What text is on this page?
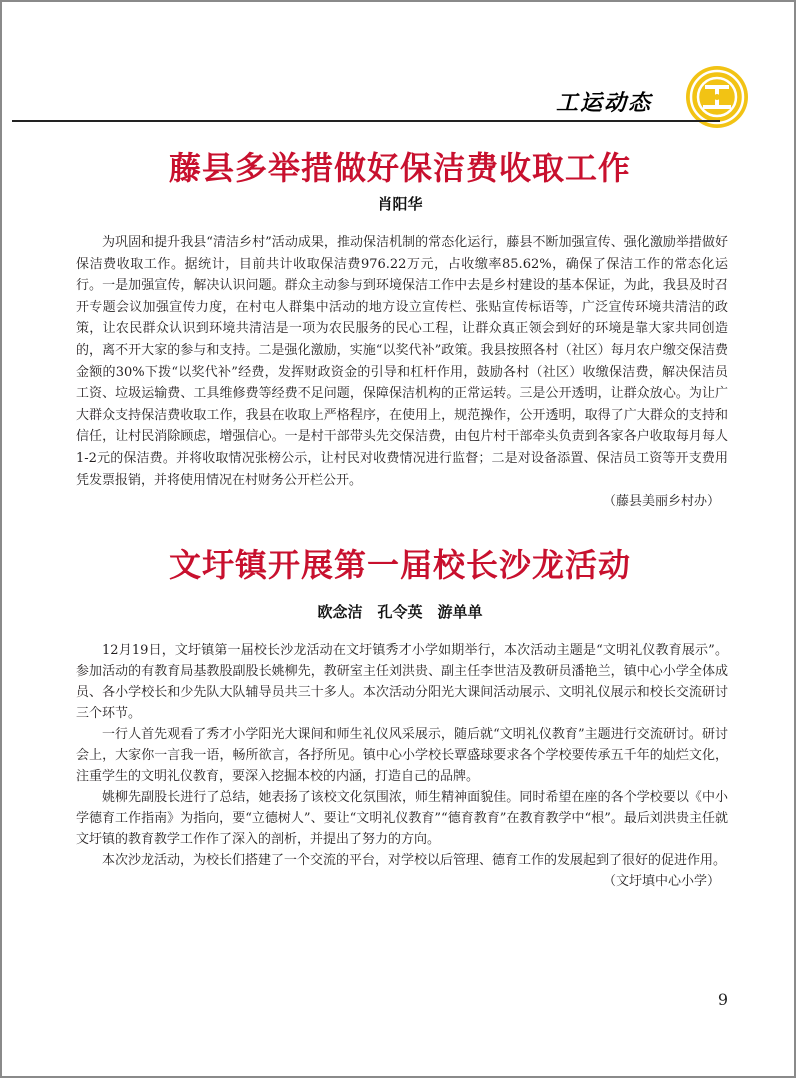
工运动态
藤县多举措做好保洁费收取工作
肖阳华

为巩固和提升我县“清洁乡村”活动成果，推动保洁机制的常态化运行，藤县不断加强宣传、强化激励举措做好保洁费收取工作。据统计，目前共计收取保洁费976.22万元，占收缴率85.62%，确保了保洁工作的常态化运行。一是加强宣传，解决认识问题。群众主动参与到环境保洁工作中去是乡村建设的基本保证，为此，我县及时召开专题会议加强宣传力度，在村屯人群集中活动的地方设立宣传栏、张贴宣传标语等，广泛宣传环境共清洁的政策，让农民群众认识到环境共清洁是一项为农民服务的民心工程，让群众真正领会到好的环境是靠大家共同创造的，离不开大家的参与和支持。二是强化激励，实施“以奖代补”政策。我县按照各村（社区）每月农户缴交保洁费金额的30%下拨“以奖代补”经费，发挥财政资金的引导和杠杆作用，鼓励各村（社区）收缴保洁费，解决保洁员工资、垃圾运输费、工具维修费等经费不足问题，保障保洁机构的正常运转。三是公开透明，让群众放心。为让广大群众支持保洁费收取工作，我县在收取上严格程序，在使用上，规范操作，公开透明，取得了广大群众的支持和信任，让村民消除顾虑，增强信心。一是村干部带头先交保洁费，由包片村干部牵头负责到各家各户收取每月每人1-2元的保洁费。并将收取情况张榜公示，让村民对收费情况进行监督；二是对设备添置、保洁员工资等开支费用凭发票报销，并将使用情况在村财务公开栏公开。

（藤县美丽乡村办）

文圩镇开展第一届校长沙龙活动
欧念洁　孔令英　游单单

12月19日，文圩镇第一届校长沙龙活动在文圩镇秀才小学如期举行，本次活动主题是“文明礼仪教育展示”。参加活动的有教育局基教股副股长姚柳先，教研室主任刘洪贵、副主任李世洁及教研员潘艳兰，镇中心小学全体成员、各小学校长和少先队大队辅导员共三十多人。本次活动分阳光大课间活动展示、文明礼仪展示和校长交流研讨三个环节。

一行人首先观看了秀才小学阳光大课间和师生礼仪风采展示，随后就“文明礼仪教育”主题进行交流研讨。研讨会上，大家你一言我一语，畅所欲言，各抒所见。镇中心小学校长覃盛球要求各个学校要传承五千年的灿烂文化，注重学生的文明礼仪教育，要深入挖掘本校的内涵，打造自己的品牌。

姚柳先副股长进行了总结，她表扬了该校文化氛围浓，师生精神面貌佳。同时希望在座的各个学校要以《中小学德育工作指南》为指向，要“立德树人”、要让“文明礼仪教育”“德育教育”在教育教学中“根”。最后刘洪贵主任就文圩镇的教育教学工作作了深入的剖析，并提出了努力的方向。

本次沙龙活动，为校长们搭建了一个交流的平台，对学校以后管理、德育工作的发展起到了很好的促进作用。

（文圩填中心小学）

9
